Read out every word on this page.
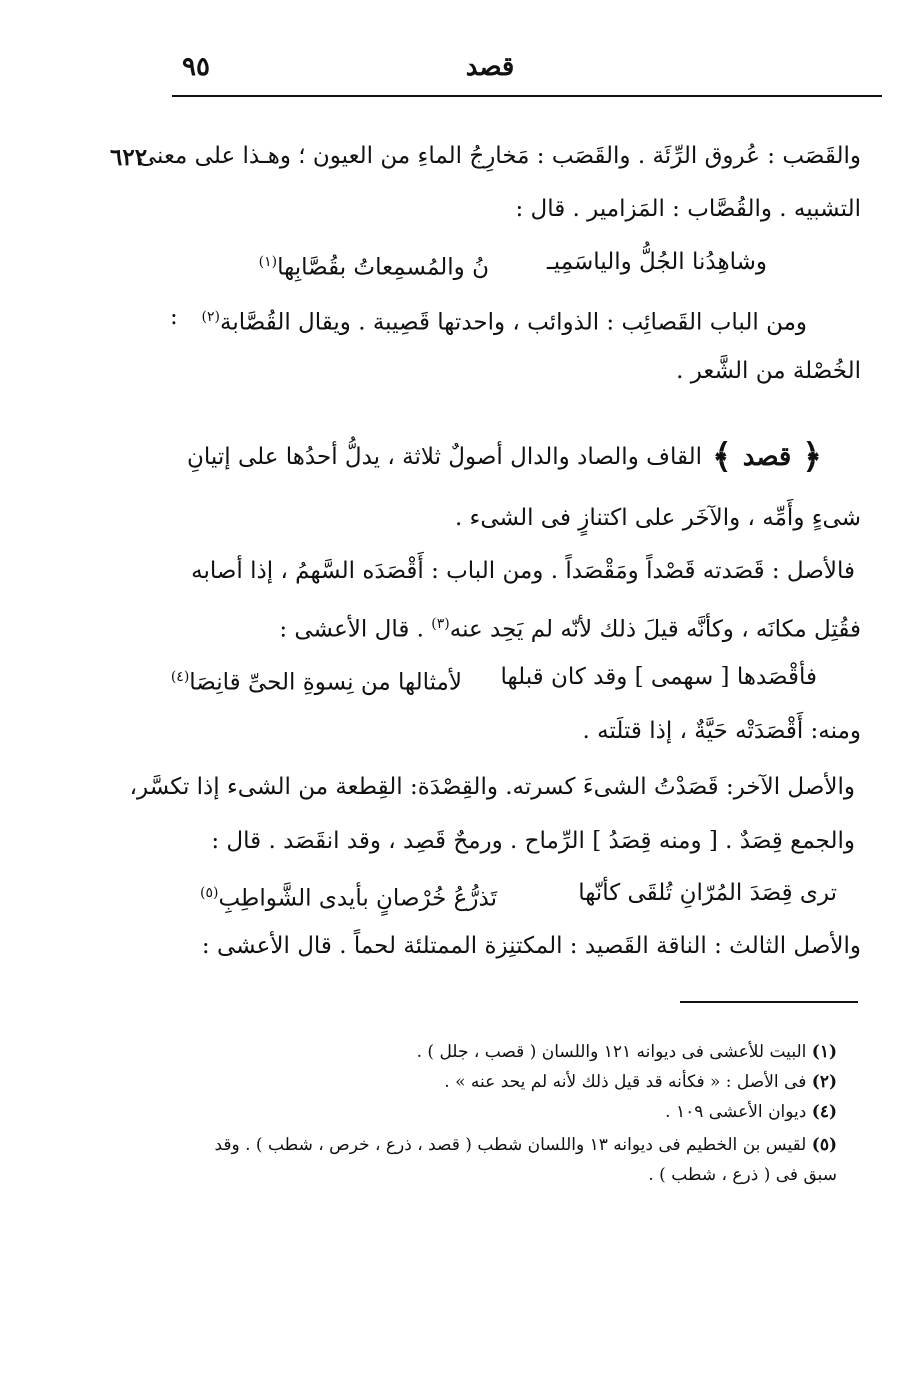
قصد
٩٥
٦٢٢
والقَصَب : عُروق الرِّئَة . والقَصَب : مَخارِجُ الماءِ من العيون ؛ وهـذا على معنى
التشبيه . والقُصَّاب : المَزامير . قال :
وشاهِدُنا الجُلُّ والياسَمِيـ
نُ والمُسمِعاتُ بقُصَّابِها$^{(١)}$
ومن الباب القَصائِب : الذوائب ، واحدتها قَصِيبة . ويقال القُصَّابة$^{(٢)}$
:
الخُصْلة من الشَّعر .
﴿
قصد
﴾
القاف والصاد والدال أصولٌ ثلاثة ، يدلُّ أحدُها على إتيانِ
شىءٍ وأَمِّه ، والآخَر على اكتنازٍ فى الشىء .
فالأصل : قَصَدته قَصْداً ومَقْصَداً . ومن الباب : أَقْصَدَه السَّهمُ ، إذا أصابه
فقُتِل مكانَه ، وكأنَّه قيلَ ذلك لأنّه لم يَحِد عنه$^{(٣)}$ . قال الأعشى :
فأقْصَدها [ سهمى ] وقد كان قبلها
لأمثالها من نِسوةِ الحىِّ قانِصَا$^{(٤)}$
ومنه: أَقْصَدَتْه حَيَّةٌ ، إذا قتلَته .
والأصل الآخر: قَصَدْتُ الشىءَ كسرته. والقِصْدَة: القِطعة من الشىء إذا تكسَّر،
والجمع قِصَدٌ . [ ومنه قِصَدُ ] الرِّماح . ورمحٌ قَصِد ، وقد انقَصَد . قال :
ترى قِصَدَ المُرّانِ تُلقَى كأنّها
تَذرُّعُ خُرْصانٍ بأيدى الشَّواطِبِ$^{(٥)}$
والأصل الثالث : الناقة القَصيد : المكتنِزة الممتلئة لحماً . قال الأعشى :
(١) البيت للأعشى فى ديوانه ١٢١ واللسان ( قصب ، جلل ) .
(٢) فى الأصل : « فكأنه قد قيل ذلك لأنه لم يحد عنه » .
(٤) ديوان الأعشى ١٠٩ .
(٥) لقيس بن الخطيم فى ديوانه ١٣ واللسان شطب ( قصد ، ذرع ، خرص ، شطب ) . وقد
سبق فى ( ذرع ، شطب ) .
